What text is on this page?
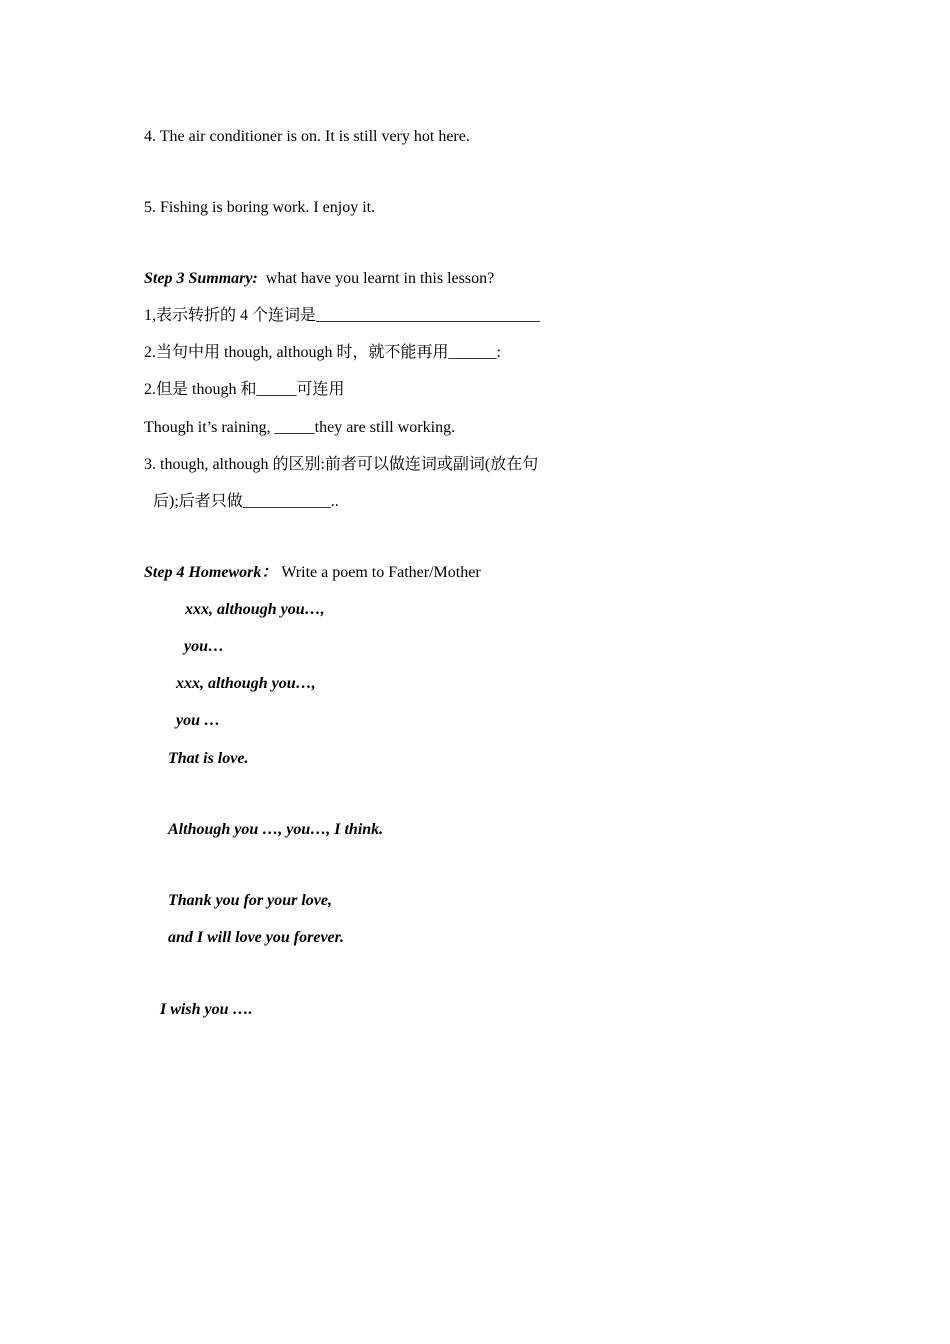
4. The air conditioner is on. It is still very hot here.
5. Fishing is boring work. I enjoy it.
Step 3 Summary: what have you learnt in this lesson?
1,表示转折的 4 个连词是____________________________
2.当句中用 though, although 时，就不能再用______:
2.但是 though 和_____可连用
Though it’s raining, _____they are still working.
3. though, although 的区别:前者可以做连词或副词(放在句
后);后者只做___________..
Step 4 Homework： Write a poem to Father/Mother
xxx, although you…,
you…
xxx, although you…,
you …
That is love.
Although you …, you…, I think.
Thank you for your love,
and I will love you forever.
I wish you ….
